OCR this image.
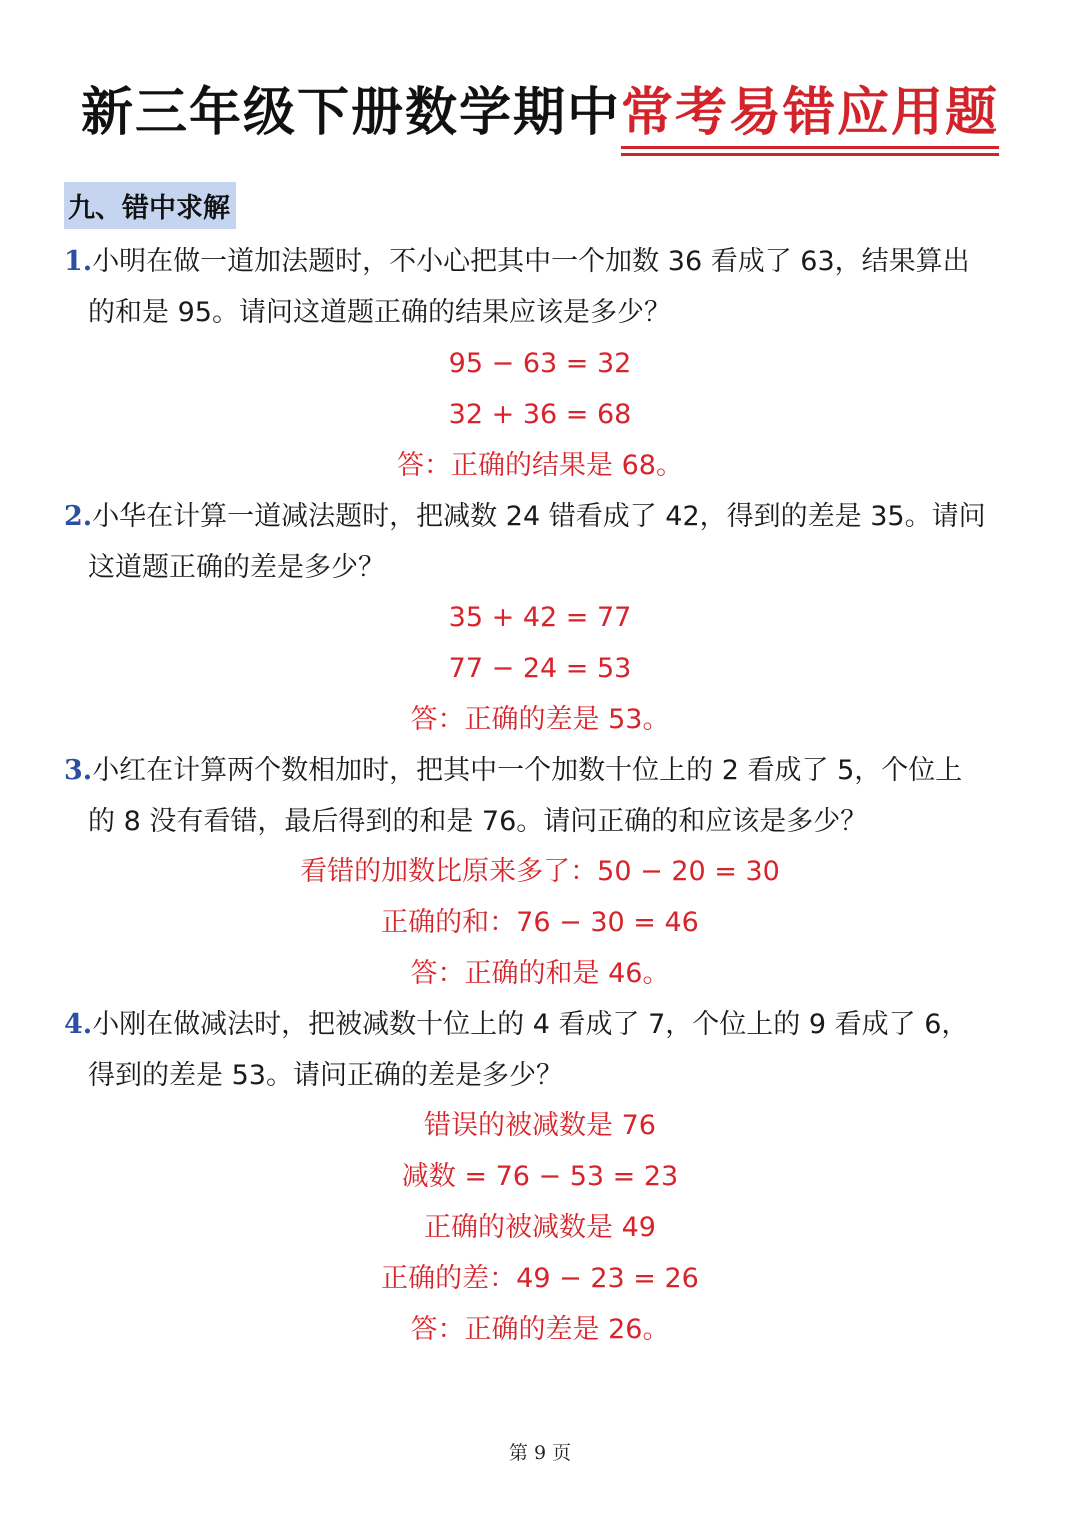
新三年级下册数学期中常考易错应用题
九、错中求解
1.小明在做一道加法题时，不小心把其中一个加数 36 看成了 63，结果算出
的和是 95。请问这道题正确的结果应该是多少？
95 − 63 = 32
32 + 36 = 68
答：正确的结果是 68。
2.小华在计算一道减法题时，把减数 24 错看成了 42，得到的差是 35。请问
这道题正确的差是多少？
35 + 42 = 77
77 − 24 = 53
答：正确的差是 53。
3.小红在计算两个数相加时，把其中一个加数十位上的 2 看成了 5，个位上
的 8 没有看错，最后得到的和是 76。请问正确的和应该是多少？
看错的加数比原来多了：50 − 20 = 30
正确的和：76 − 30 = 46
答：正确的和是 46。
4.小刚在做减法时，把被减数十位上的 4 看成了 7，个位上的 9 看成了 6，
得到的差是 53。请问正确的差是多少？
错误的被减数是 76
减数 = 76 − 53 = 23
正确的被减数是 49
正确的差：49 − 23 = 26
答：正确的差是 26。
第 9 页
